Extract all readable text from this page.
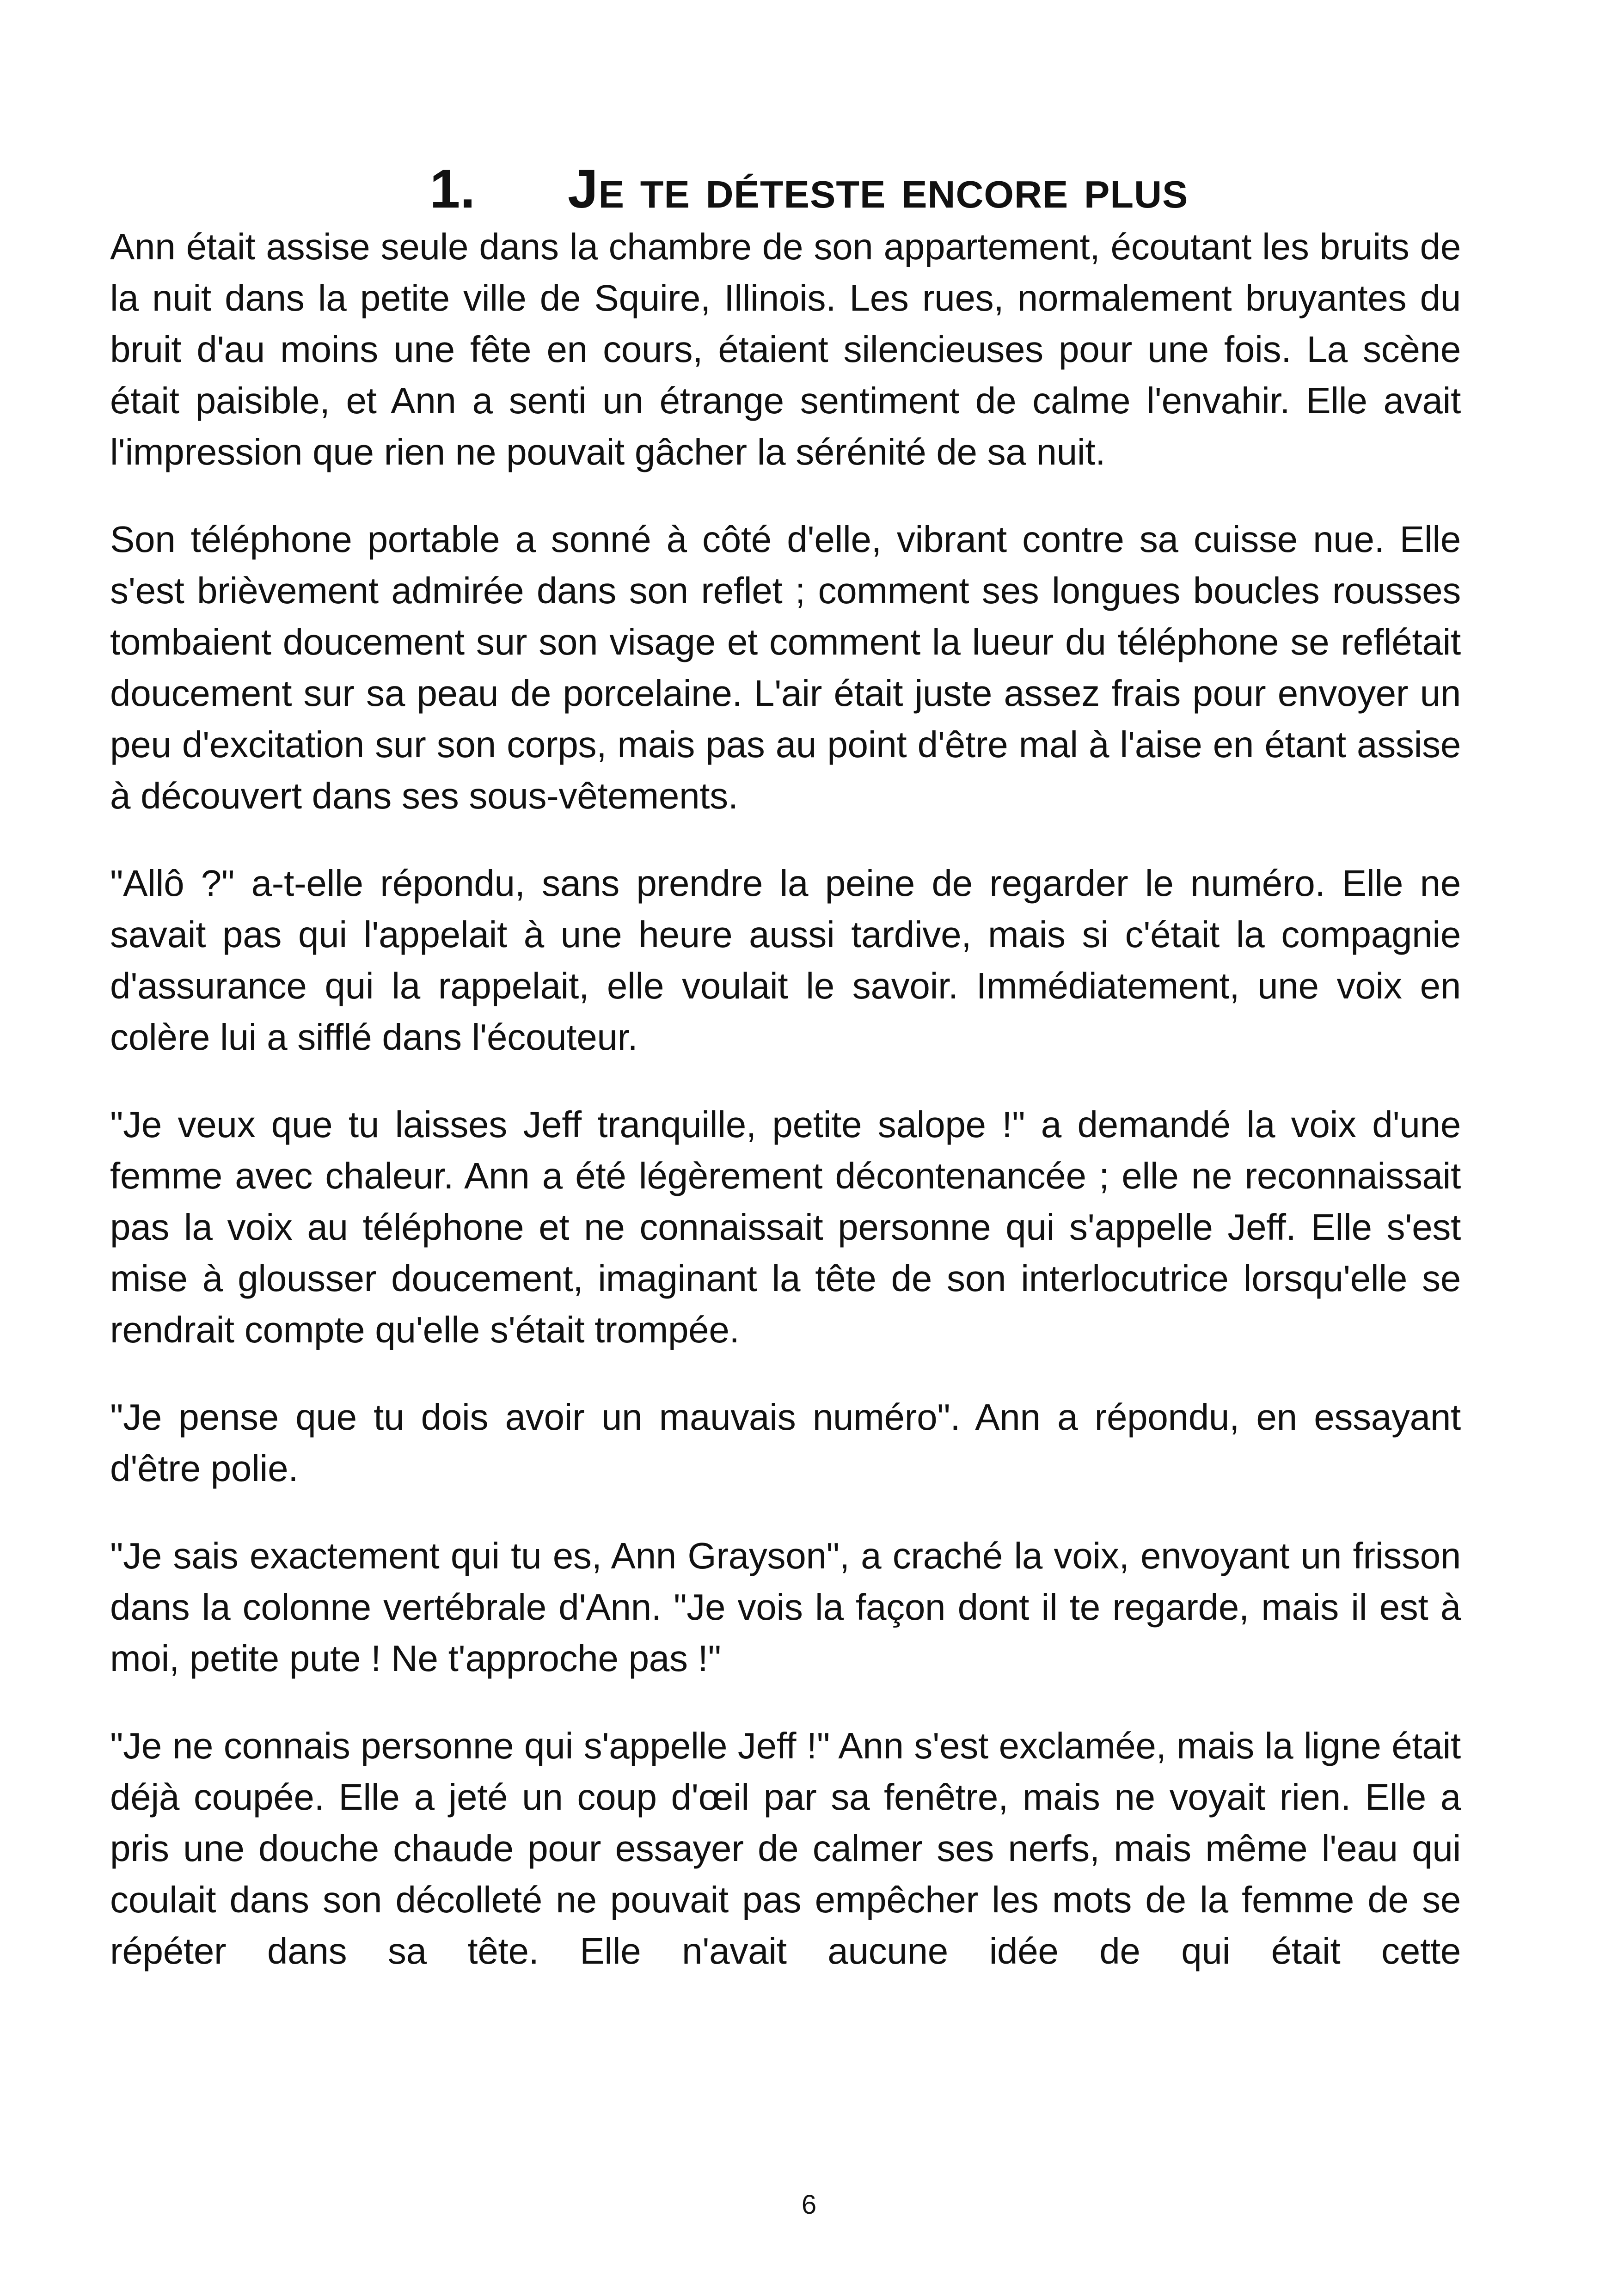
1. Je te déteste encore plus

Ann était assise seule dans la chambre de son appartement, écoutant les bruits de la nuit dans la petite ville de Squire, Illinois. Les rues, normalement bruyantes du bruit d'au moins une fête en cours, étaient silencieuses pour une fois. La scène était paisible, et Ann a senti un étrange sentiment de calme l'envahir. Elle avait l'impression que rien ne pouvait gâcher la sérénité de sa nuit.

Son téléphone portable a sonné à côté d'elle, vibrant contre sa cuisse nue. Elle s'est brièvement admirée dans son reflet ; comment ses longues boucles rousses tombaient doucement sur son visage et comment la lueur du téléphone se reflétait doucement sur sa peau de porcelaine. L'air était juste assez frais pour envoyer un peu d'excitation sur son corps, mais pas au point d'être mal à l'aise en étant assise à découvert dans ses sous-vêtements.

"Allô ?" a-t-elle répondu, sans prendre la peine de regarder le numéro. Elle ne savait pas qui l'appelait à une heure aussi tardive, mais si c'était la compagnie d'assurance qui la rappelait, elle voulait le savoir. Immédiatement, une voix en colère lui a sifflé dans l'écouteur.

"Je veux que tu laisses Jeff tranquille, petite salope !" a demandé la voix d'une femme avec chaleur. Ann a été légèrement décontenancée ; elle ne reconnaissait pas la voix au téléphone et ne connaissait personne qui s'appelle Jeff. Elle s'est mise à glousser doucement, imaginant la tête de son interlocutrice lorsqu'elle se rendrait compte qu'elle s'était trompée.

"Je pense que tu dois avoir un mauvais numéro". Ann a répondu, en essayant d'être polie.

"Je sais exactement qui tu es, Ann Grayson", a craché la voix, envoyant un frisson dans la colonne vertébrale d'Ann. "Je vois la façon dont il te regarde, mais il est à moi, petite pute ! Ne t'approche pas !"

"Je ne connais personne qui s'appelle Jeff !" Ann s'est exclamée, mais la ligne était déjà coupée. Elle a jeté un coup d'œil par sa fenêtre, mais ne voyait rien. Elle a pris une douche chaude pour essayer de calmer ses nerfs, mais même l'eau qui coulait dans son décolleté ne pouvait pas empêcher les mots de la femme de se répéter dans sa tête. Elle n'avait aucune idée de qui était cette

6
